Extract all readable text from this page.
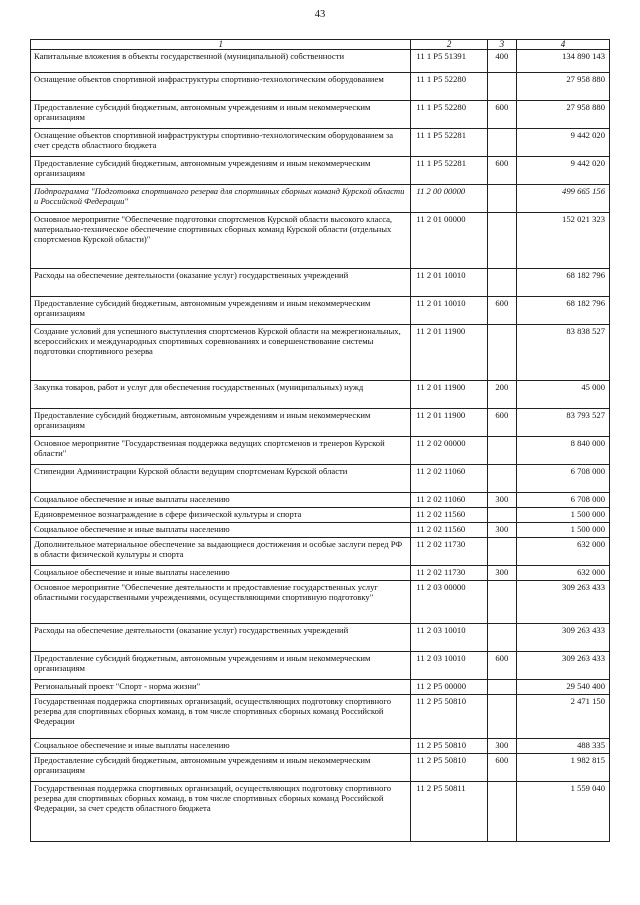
43
1	2	3	4
Капитальные вложения в объекты государственной (муниципальной) собственности	11 1 P5 51391	400	134 890 143
Оснащение объектов спортивной инфраструктуры спортивно-технологическим оборудованием	11 1 P5 52280		27 958 880
Предоставление субсидий бюджетным, автономным учреждениям и иным некоммерческим организациям	11 1 P5 52280	600	27 958 880
Оснащение объектов спортивной инфраструктуры спортивно-технологическим оборудованием за счет средств областного бюджета	11 1 P5 52281		9 442 020
Предоставление субсидий бюджетным, автономным учреждениям и иным некоммерческим организациям	11 1 P5 52281	600	9 442 020
Подпрограмма "Подготовка спортивного резерва для спортивных сборных команд Курской области и Российской Федерации"	11 2 00 00000		499 665 156
Основное мероприятие "Обеспечение подготовки спортсменов Курской области высокого класса, материально-техническое обеспечение спортивных сборных команд Курской области (отдельных спортсменов Курской области)"	11 2 01 00000		152 021 323
Расходы на обеспечение деятельности (оказание услуг) государственных учреждений	11 2 01 10010		68 182 796
Предоставление субсидий бюджетным, автономным учреждениям и иным некоммерческим организациям	11 2 01 10010	600	68 182 796
Создание условий для успешного выступления спортсменов Курской области на межрегиональных, всероссийских и международных спортивных соревнованиях и совершенствование системы подготовки спортивного резерва	11 2 01 11900		83 838 527
Закупка товаров, работ и услуг для обеспечения государственных (муниципальных) нужд	11 2 01 11900	200	45 000
Предоставление субсидий бюджетным, автономным учреждениям и иным некоммерческим организациям	11 2 01 11900	600	83 793 527
Основное мероприятие "Государственная поддержка ведущих спортсменов и тренеров Курской области"	11 2 02 00000		8 840 000
Стипендии Администрации Курской области ведущим спортсменам Курской области	11 2 02 11060		6 708 000
Социальное обеспечение и иные выплаты населению	11 2 02 11060	300	6 708 000
Единовременное вознаграждение в сфере физической культуры и спорта	11 2 02 11560		1 500 000
Социальное обеспечение и иные выплаты населению	11 2 02 11560	300	1 500 000
Дополнительное материальное обеспечение за выдающиеся достижения и особые заслуги перед РФ в области физической культуры и спорта	11 2 02 11730		632 000
Социальное обеспечение и иные выплаты населению	11 2 02 11730	300	632 000
Основное мероприятие "Обеспечение деятельности и предоставление государственных услуг областными государственными учреждениями, осуществляющими спортивную подготовку"	11 2 03 00000		309 263 433
Расходы на обеспечение деятельности (оказание услуг) государственных учреждений	11 2 03 10010		309 263 433
Предоставление субсидий бюджетным, автономным учреждениям и иным некоммерческим организациям	11 2 03 10010	600	309 263 433
Региональный проект "Спорт - норма жизни"	11 2 P5 00000		29 540 400
Государственная поддержка спортивных организаций, осуществляющих подготовку спортивного резерва для спортивных сборных команд, в том числе спортивных сборных команд Российской Федерации	11 2 P5 50810		2 471 150
Социальное обеспечение и иные выплаты населению	11 2 P5 50810	300	488 335
Предоставление субсидий бюджетным, автономным учреждениям и иным некоммерческим организациям	11 2 P5 50810	600	1 982 815
Государственная поддержка спортивных организаций, осуществляющих подготовку спортивного резерва для спортивных сборных команд, в том числе спортивных сборных команд Российской Федерации, за счет средств областного бюджета	11 2 P5 50811		1 559 040
